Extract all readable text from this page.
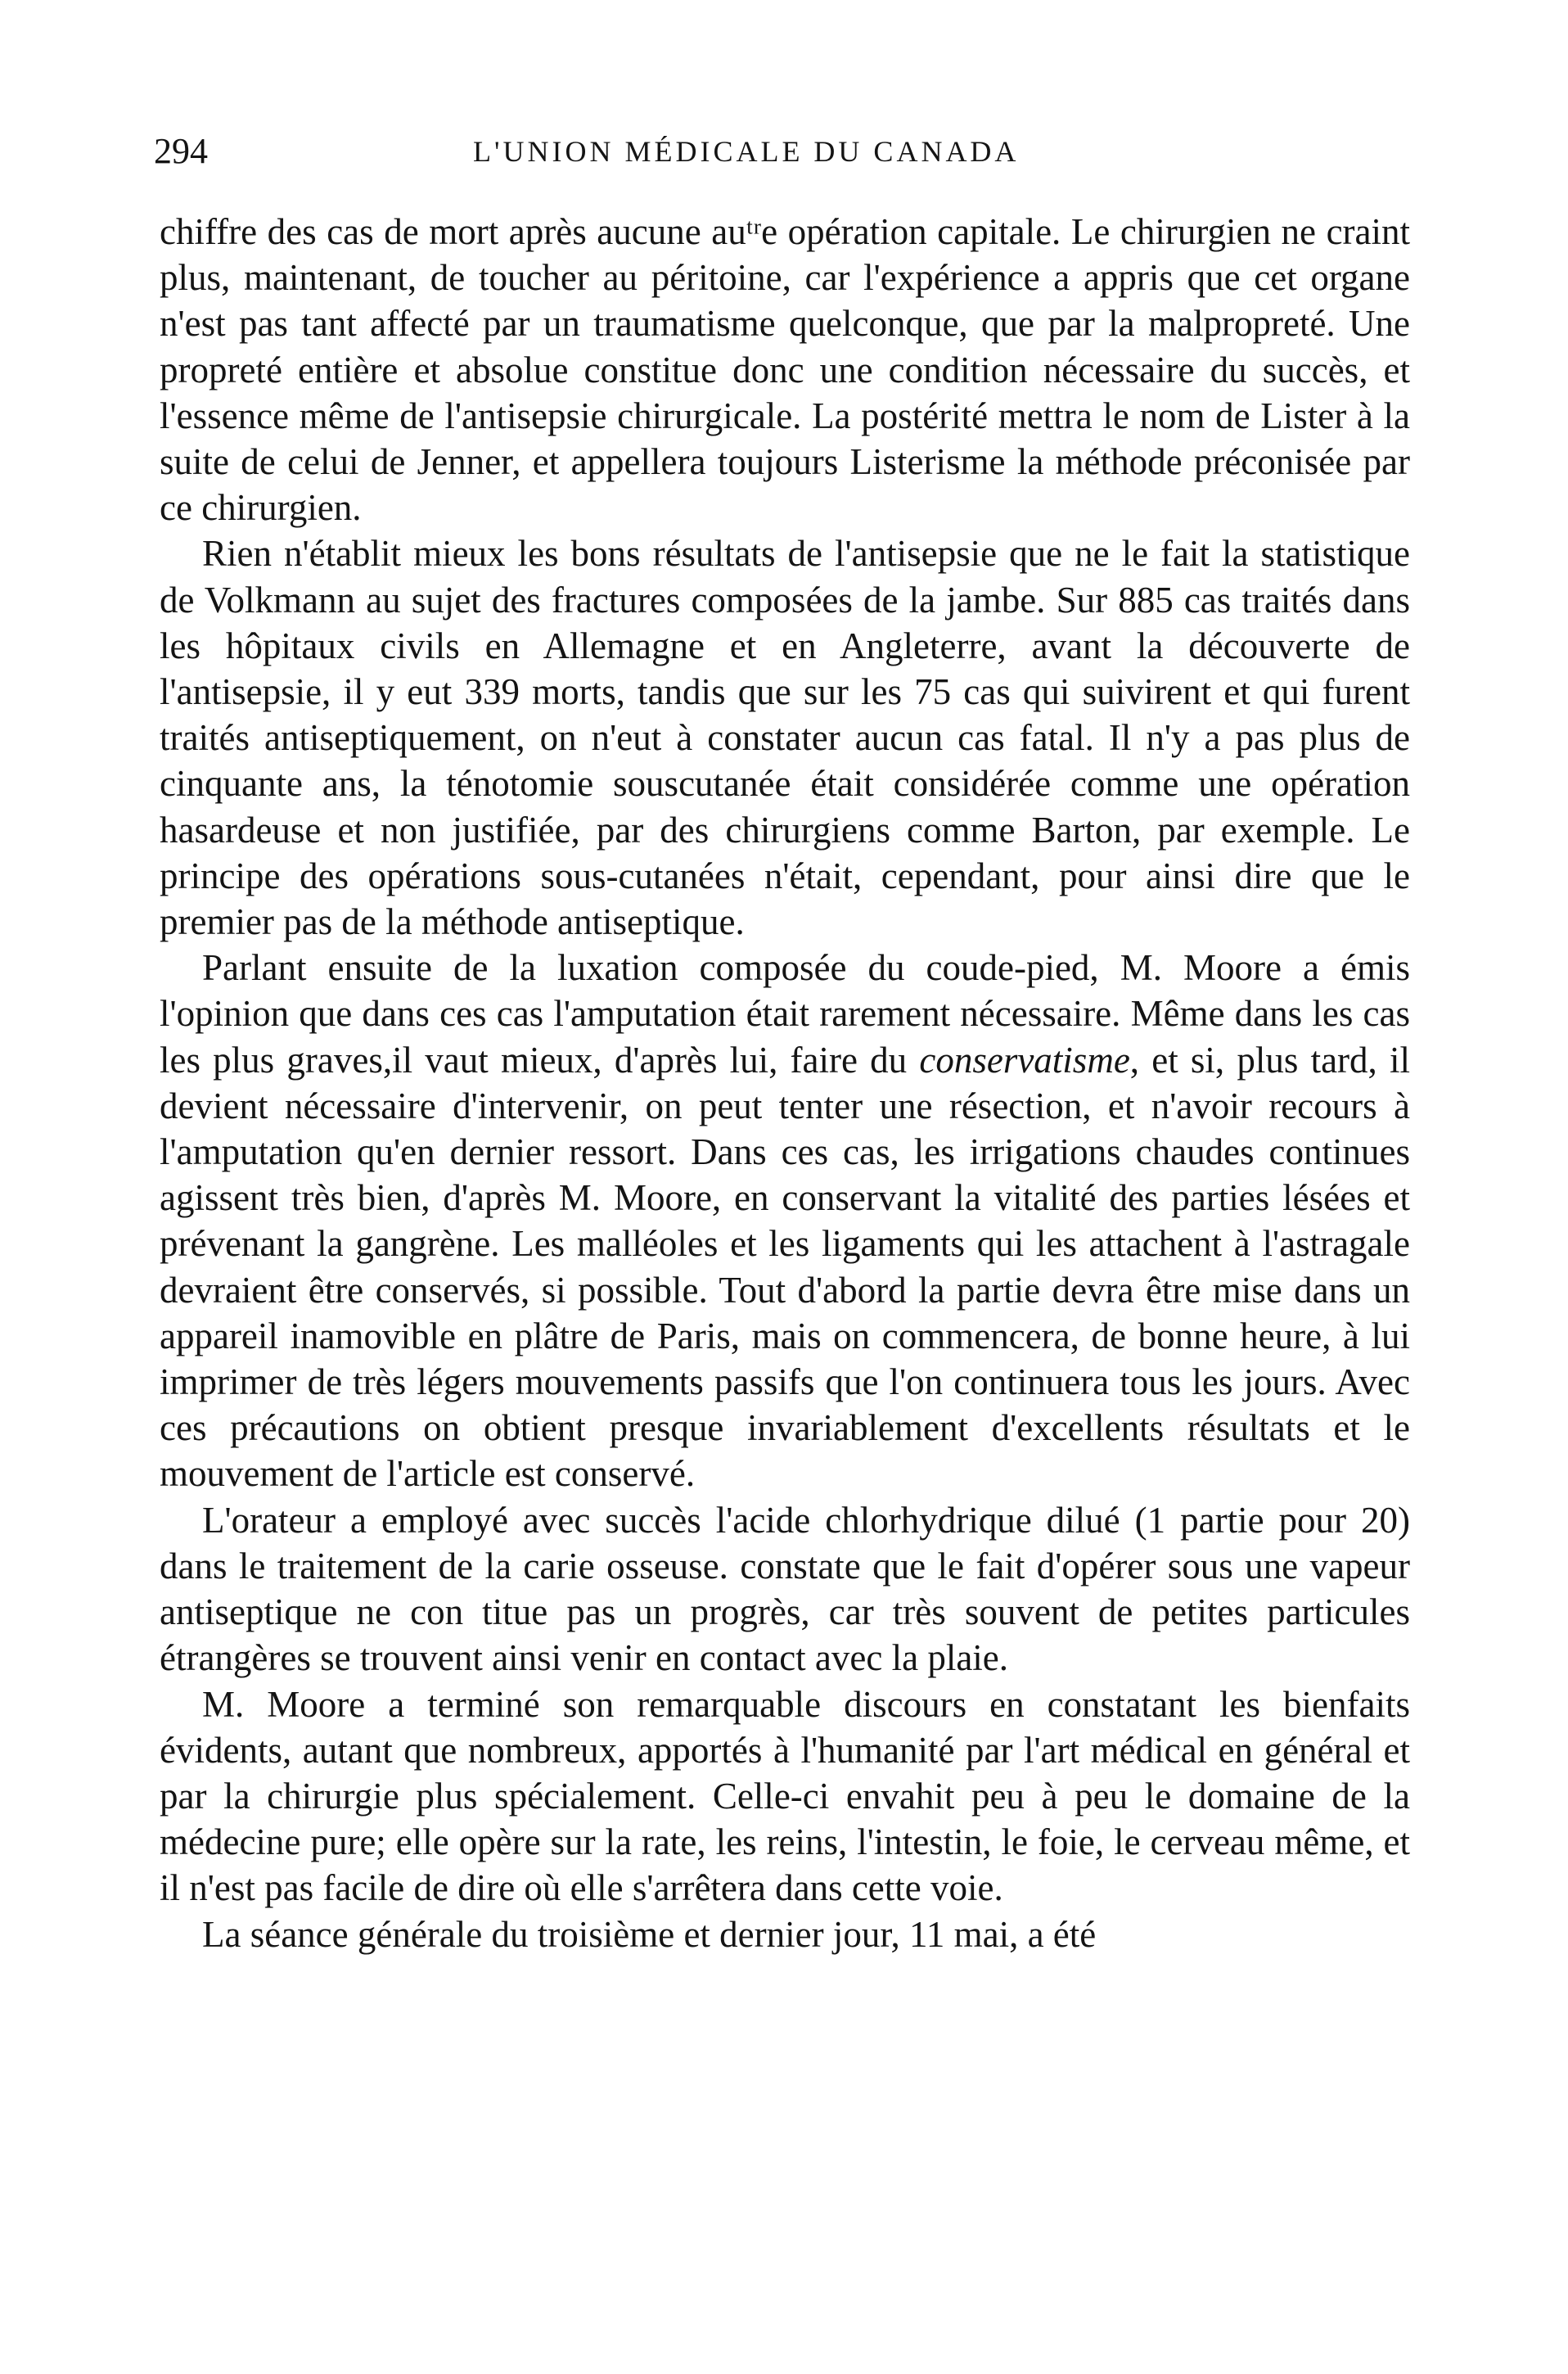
294	L'UNION MÉDICALE DU CANADA

chiffre des cas de mort après aucune auᵗʳe opération capitale. Le chirurgien ne craint plus, maintenant, de toucher au péritoine, car l'expérience a appris que cet organe n'est pas tant affecté par un traumatisme quelconque, que par la malpropreté. Une propreté entière et absolue constitue donc une condition nécessaire du succès, et l'essence même de l'antisepsie chirurgicale. La postérité mettra le nom de Lister à la suite de celui de Jenner, et appellera toujours Listerisme la méthode préconisée par ce chirurgien.

Rien n'établit mieux les bons résultats de l'antisepsie que ne le fait la statistique de Volkmann au sujet des fractures composées de la jambe. Sur 885 cas traités dans les hôpitaux civils en Allemagne et en Angleterre, avant la découverte de l'antisepsie, il y eut 339 morts, tandis que sur les 75 cas qui suivirent et qui furent traités antiseptiquement, on n'eut à constater aucun cas fatal. Il n'y a pas plus de cinquante ans, la ténotomie souscutanée était considérée comme une opération hasardeuse et non justifiée, par des chirurgiens comme Barton, par exemple. Le principe des opérations sous-cutanées n'était, cependant, pour ainsi dire que le premier pas de la méthode antiseptique.

Parlant ensuite de la luxation composée du coude-pied, M. Moore a émis l'opinion que dans ces cas l'amputation était rarement nécessaire. Même dans les cas les plus graves,il vaut mieux, d'après lui, faire du conservatisme, et si, plus tard, il devient nécessaire d'intervenir, on peut tenter une résection, et n'avoir recours à l'amputation qu'en dernier ressort. Dans ces cas, les irrigations chaudes continues agissent très bien, d'après M. Moore, en conservant la vitalité des parties lésées et prévenant la gangrène. Les malléoles et les ligaments qui les attachent à l'astragale devraient être conservés, si possible. Tout d'abord la partie devra être mise dans un appareil inamovible en plâtre de Paris, mais on commencera, de bonne heure, à lui imprimer de très légers mouvements passifs que l'on continuera tous les jours. Avec ces précautions on obtient presque invariablement d'excellents résultats et le mouvement de l'article est conservé.

L'orateur a employé avec succès l'acide chlorhydrique dilué (1 partie pour 20) dans le traitement de la carie osseuse. constate que le fait d'opérer sous une vapeur antiseptique ne con titue pas un progrès, car très souvent de petites particules étrangères se trouvent ainsi venir en contact avec la plaie.

M. Moore a terminé son remarquable discours en constatant les bienfaits évidents, autant que nombreux, apportés à l'humanité par l'art médical en général et par la chirurgie plus spécialement. Celle-ci envahit peu à peu le domaine de la médecine pure; elle opère sur la rate, les reins, l'intestin, le foie, le cerveau même, et il n'est pas facile de dire où elle s'arrêtera dans cette voie.

La séance générale du troisième et dernier jour, 11 mai, a été
